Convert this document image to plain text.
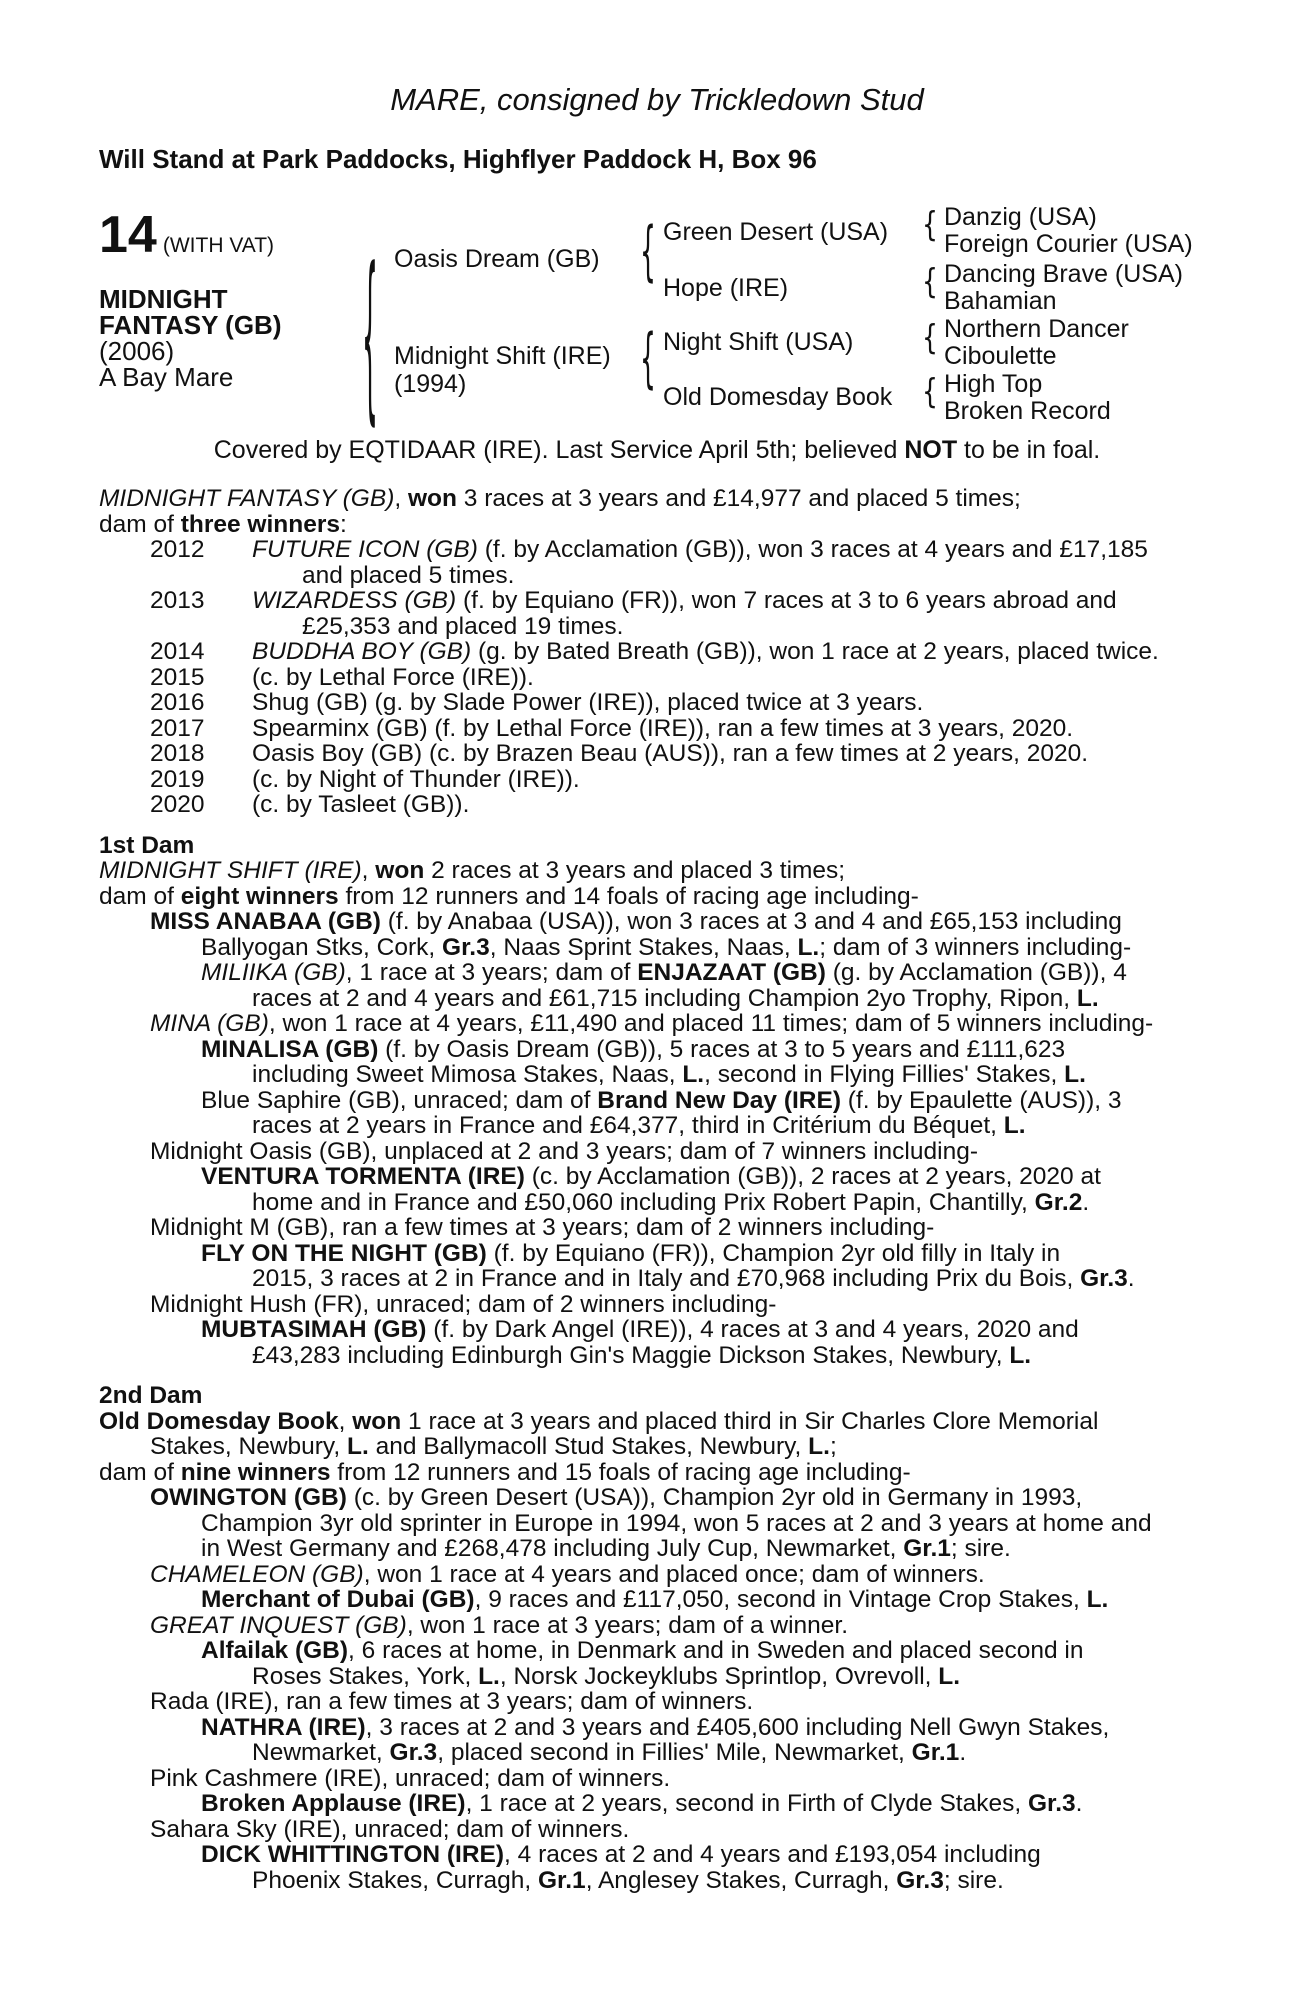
MARE, consigned by Trickledown Stud
Will Stand at Park Paddocks, Highflyer Paddock H, Box 96
14 (WITH VAT)
MIDNIGHT
FANTASY (GB)
(2006)
A Bay Mare	{ Oasis Dream (GB)
Midnight Shift (IRE)
(1994)
{ Green Desert (USA)
Hope (IRE)
{ Night Shift (USA)
Old Domesday Book
{ Danzig (USA)
Foreign Courier (USA)
{ Dancing Brave (USA)
Bahamian
{ Northern Dancer
Ciboulette
{ High Top
Broken Record
Covered by EQTIDAAR (IRE). Last Service April 5th; believed NOT to be in foal.
MIDNIGHT FANTASY (GB), won 3 races at 3 years and £14,977 and placed 5 times;
dam of three winners:
2012 FUTURE ICON (GB) (f. by Acclamation (GB)), won 3 races at 4 years and £17,185
and placed 5 times.
2013 WIZARDESS (GB) (f. by Equiano (FR)), won 7 races at 3 to 6 years abroad and
£25,353 and placed 19 times.
2014 BUDDHA BOY (GB) (g. by Bated Breath (GB)), won 1 race at 2 years, placed twice.
2015 (c. by Lethal Force (IRE)).
2016 Shug (GB) (g. by Slade Power (IRE)), placed twice at 3 years.
2017 Spearminx (GB) (f. by Lethal Force (IRE)), ran a few times at 3 years, 2020.
2018 Oasis Boy (GB) (c. by Brazen Beau (AUS)), ran a few times at 2 years, 2020.
2019 (c. by Night of Thunder (IRE)).
2020 (c. by Tasleet (GB)).
1st Dam
MIDNIGHT SHIFT (IRE), won 2 races at 3 years and placed 3 times;
dam of eight winners from 12 runners and 14 foals of racing age including-
MISS ANABAA (GB) (f. by Anabaa (USA)), won 3 races at 3 and 4 and £65,153 including
Ballyogan Stks, Cork, Gr.3, Naas Sprint Stakes, Naas, L.; dam of 3 winners including-
MILIIKA (GB), 1 race at 3 years; dam of ENJAZAAT (GB) (g. by Acclamation (GB)), 4
races at 2 and 4 years and £61,715 including Champion 2yo Trophy, Ripon, L.
MINA (GB), won 1 race at 4 years, £11,490 and placed 11 times; dam of 5 winners including-
MINALISA (GB) (f. by Oasis Dream (GB)), 5 races at 3 to 5 years and £111,623
including Sweet Mimosa Stakes, Naas, L., second in Flying Fillies' Stakes, L.
Blue Saphire (GB), unraced; dam of Brand New Day (IRE) (f. by Epaulette (AUS)), 3
races at 2 years in France and £64,377, third in Critérium du Béquet, L.
Midnight Oasis (GB), unplaced at 2 and 3 years; dam of 7 winners including-
VENTURA TORMENTA (IRE) (c. by Acclamation (GB)), 2 races at 2 years, 2020 at
home and in France and £50,060 including Prix Robert Papin, Chantilly, Gr.2.
Midnight M (GB), ran a few times at 3 years; dam of 2 winners including-
FLY ON THE NIGHT (GB) (f. by Equiano (FR)), Champion 2yr old filly in Italy in
2015, 3 races at 2 in France and in Italy and £70,968 including Prix du Bois, Gr.3.
Midnight Hush (FR), unraced; dam of 2 winners including-
MUBTASIMAH (GB) (f. by Dark Angel (IRE)), 4 races at 3 and 4 years, 2020 and
£43,283 including Edinburgh Gin's Maggie Dickson Stakes, Newbury, L.
2nd Dam
Old Domesday Book, won 1 race at 3 years and placed third in Sir Charles Clore Memorial
Stakes, Newbury, L. and Ballymacoll Stud Stakes, Newbury, L.;
dam of nine winners from 12 runners and 15 foals of racing age including-
OWINGTON (GB) (c. by Green Desert (USA)), Champion 2yr old in Germany in 1993,
Champion 3yr old sprinter in Europe in 1994, won 5 races at 2 and 3 years at home and
in West Germany and £268,478 including July Cup, Newmarket, Gr.1; sire.
CHAMELEON (GB), won 1 race at 4 years and placed once; dam of winners.
Merchant of Dubai (GB), 9 races and £117,050, second in Vintage Crop Stakes, L.
GREAT INQUEST (GB), won 1 race at 3 years; dam of a winner.
Alfailak (GB), 6 races at home, in Denmark and in Sweden and placed second in
Roses Stakes, York, L., Norsk Jockeyklubs Sprintlop, Ovrevoll, L.
Rada (IRE), ran a few times at 3 years; dam of winners.
NATHRA (IRE), 3 races at 2 and 3 years and £405,600 including Nell Gwyn Stakes,
Newmarket, Gr.3, placed second in Fillies' Mile, Newmarket, Gr.1.
Pink Cashmere (IRE), unraced; dam of winners.
Broken Applause (IRE), 1 race at 2 years, second in Firth of Clyde Stakes, Gr.3.
Sahara Sky (IRE), unraced; dam of winners.
DICK WHITTINGTON (IRE), 4 races at 2 and 4 years and £193,054 including
Phoenix Stakes, Curragh, Gr.1, Anglesey Stakes, Curragh, Gr.3; sire.
